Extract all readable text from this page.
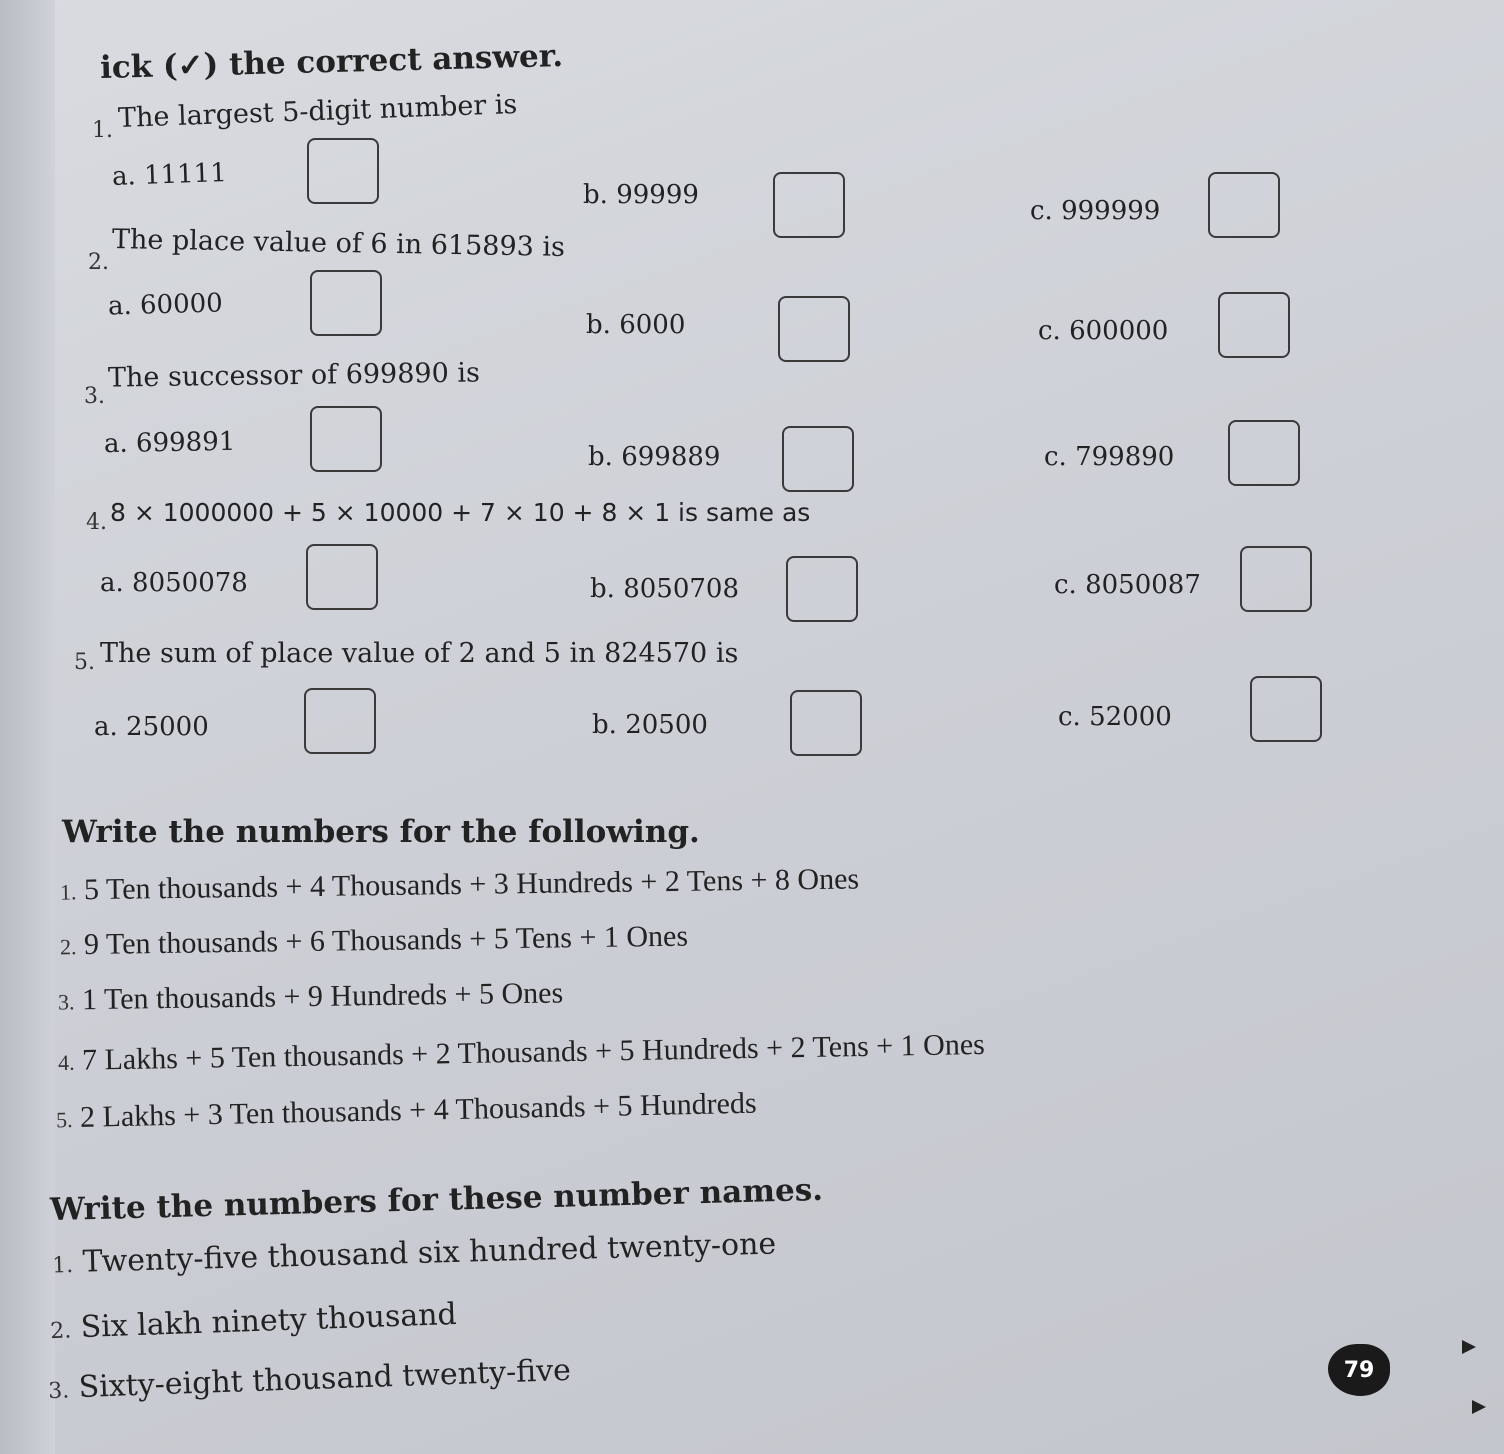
ick (✓) the correct answer.
1. The largest 5-digit number is
a. 11111
b. 99999
c. 999999
2. The place value of 6 in 615893 is
a. 60000
b. 6000	c. 600000
3.
The successor of 699890 is
a. 699891	b. 699889	c. 799890
4. 8 × 1000000 + 5 × 10000 + 7 × 10 + 8 × 1 is same as
a. 8050078	b. 8050708	c. 8050087
5. The sum of place value of 2 and 5 in 824570 is
a. 25000	b. 20500	c. 52000
Write the numbers for the following.
1. 5 Ten thousands + 4 Thousands + 3 Hundreds + 2 Tens + 8 Ones
2. 9 Ten thousands + 6 Thousands + 5 Tens + 1 Ones
3. 1 Ten thousands + 9 Hundreds + 5 Ones
4. 7 Lakhs + 5 Ten thousands + 2 Thousands + 5 Hundreds + 2 Tens + 1 Ones
5. 2 Lakhs + 3 Ten thousands + 4 Thousands + 5 Hundreds
Write the numbers for these number names.
1. Twenty-five thousand six hundred twenty-one
2. Six lakh ninety thousand
3. Sixty-eight thousand twenty-five	79
